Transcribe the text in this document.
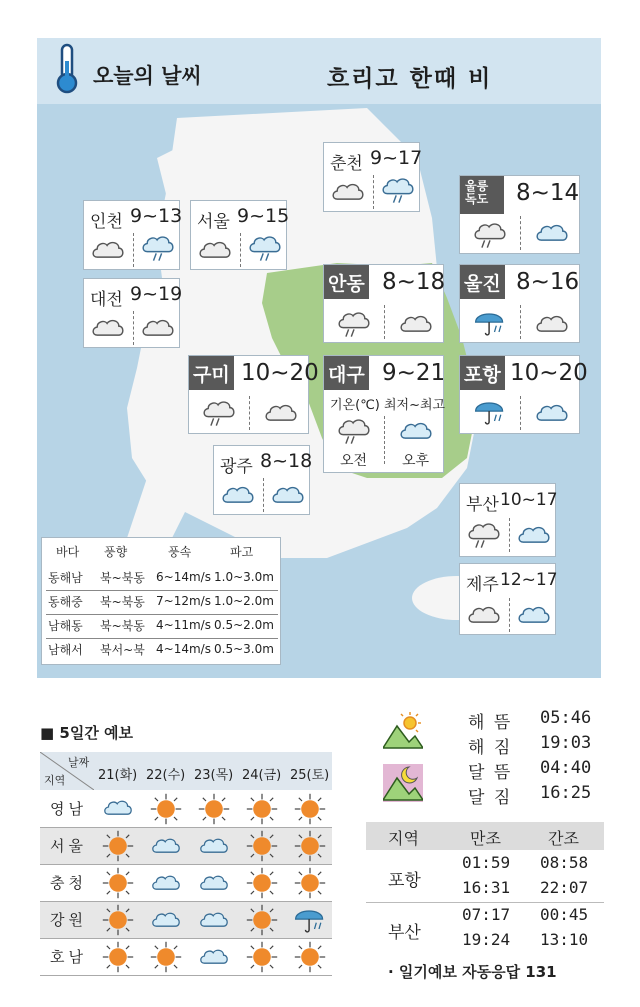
오늘의 날씨	흐리고 한때 비
춘천 9~17
인천 9~13 서울 9~15
대전 9~19
울릉
독도	8~14
안동 8~18 울진 8~16
구미 10~20 대구 9~21
기온(℃) 최저~최고
오전 오후
포항 10~20
광주 8~18
부산 10~17
제주 12~17
바다 풍향	풍속	파고
동해남 북~북동 6~14m/s 1.0~3.0m
동해중 북~북동 7~12m/s 1.0~2.0m
남해동 북~북동 4~11m/s 0.5~2.0m
남해서 북서~북 4~14m/s 0.5~3.0m
■ 5일간 예보
날짜
지역	21(화) 22(수) 23(목) 24(금) 25(토)
영남
서울
충청
강원
호남
해 뜸 05:46
해 짐 19:03
달 뜸 04:40
달 짐 16:25
지역	만조	간조
포항
01:59 08:58
16:31 22:07
부산
07:17 00:45
19:24 13:10
· 일기예보 자동응답 131
